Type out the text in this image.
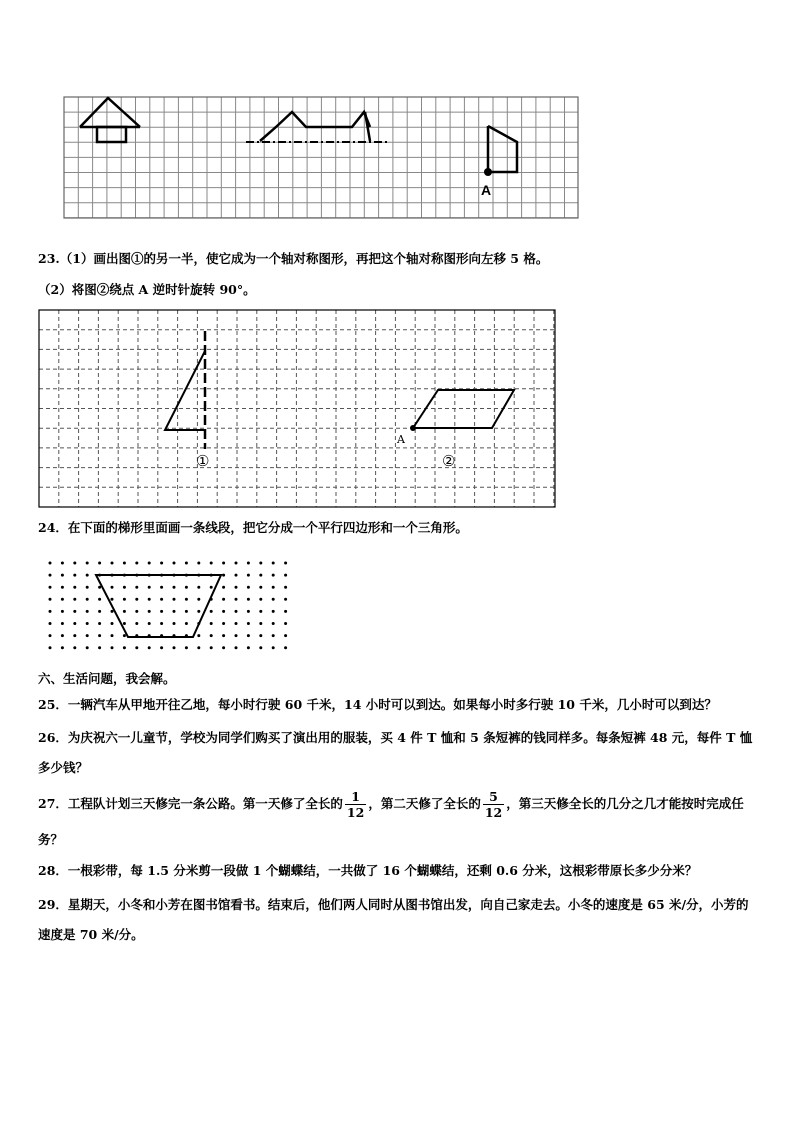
A
23.（1）画出图①的另一半，使它成为一个轴对称图形，再把这个轴对称图形向左移 5 格。
（2）将图②绕点 A 逆时针旋转 90°。
①
A
②
24．在下面的梯形里面画一条线段，把它分成一个平行四边形和一个三角形。
六、生活问题，我会解。
25．一辆汽车从甲地开往乙地，每小时行驶 60 千米，14 小时可以到达。如果每小时多行驶 10 千米，几小时可以到达？
26．为庆祝六一儿童节，学校为同学们购买了演出用的服装，买 4 件 T 恤和 5 条短裤的钱同样多。每条短裤 48 元，每件 T 恤多少钱？
27．工程队计划三天修完一条公路。第一天修了全长的 $\frac{1}{12}$ ，第二天修了全长的 $\frac{5}{12}$ ，第三天修全长的几分之几才能按时完成任务？
28．一根彩带，每 1.5 分米剪一段做 1 个蝴蝶结，一共做了 16 个蝴蝶结，还剩 0.6 分米，这根彩带原长多少分米？
29．星期天，小冬和小芳在图书馆看书。结束后，他们两人同时从图书馆出发，向自己家走去。小冬的速度是 65 米/分，小芳的速度是 70 米/分。
